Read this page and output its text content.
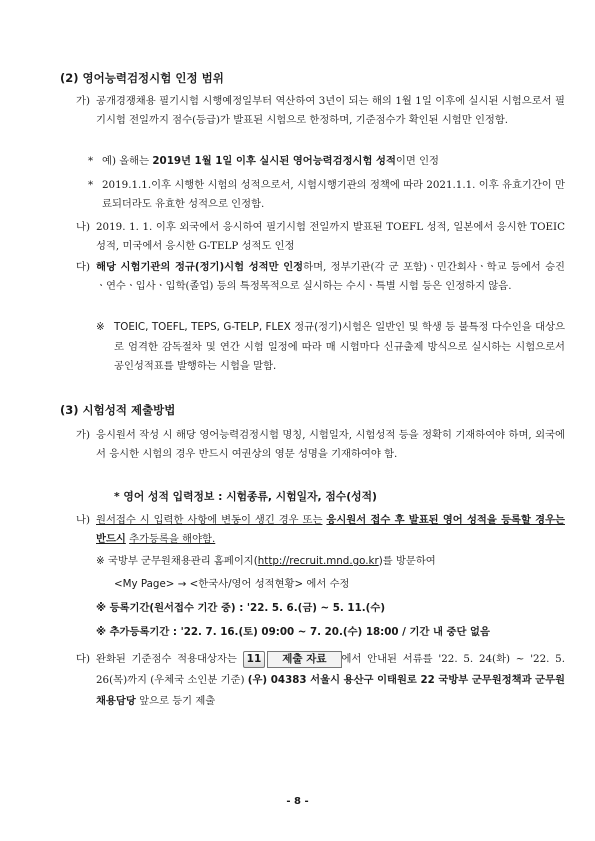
(2) 영어능력검정시험 인정 범위
가) 공개경쟁채용 필기시험 시행예정일부터 역산하여 3년이 되는 해의 1월 1일 이후에 실시된 시험으로서 필기시험 전일까지 점수(등급)가 발표된 시험으로 한정하며, 기준점수가 확인된 시험만 인정함.
* 예) 올해는 2019년 1월 1일 이후 실시된 영어능력검정시험 성적이면 인정
* 2019.1.1.이후 시행한 시험의 성적으로서, 시험시행기관의 정책에 따라 2021.1.1. 이후 유효기간이 만료되더라도 유효한 성적으로 인정함.
나) 2019. 1. 1. 이후 외국에서 응시하여 필기시험 전일까지 발표된 TOEFL 성적, 일본에서 응시한 TOEIC 성적, 미국에서 응시한 G-TELP 성적도 인정
다) 해당 시험기관의 정규(정기)시험 성적만 인정하며, 정부기관(각 군 포함)ㆍ민간회사ㆍ학교 등에서 승진ㆍ연수ㆍ입사ㆍ입학(졸업) 등의 특정목적으로 실시하는 수시ㆍ특별 시험 등은 인정하지 않음.
※ TOEIC, TOEFL, TEPS, G-TELP, FLEX 정규(정기)시험은 일반인 및 학생 등 불특정 다수인을 대상으로 엄격한 감독절차 및 연간 시험 일정에 따라 매 시험마다 신규출제 방식으로 실시하는 시험으로서 공인성적표를 발행하는 시험을 말함.
(3) 시험성적 제출방법
가) 응시원서 작성 시 해당 영어능력검정시험 명칭, 시험일자, 시험성적 등을 정확히 기재하여야 하며, 외국에서 응시한 시험의 경우 반드시 여권상의 영문 성명을 기재하여야 함.
* 영어 성적 입력정보 : 시험종류, 시험일자, 점수(성적)
나) 원서접수 시 입력한 사항에 변동이 생긴 경우 또는 응시원서 접수 후 발표된 영어 성적을 등록할 경우는 반드시 추가등록을 해야함.
※ 국방부 군무원채용관리 홈페이지(http://recruit.mnd.go.kr)를 방문하여
<My Page> → <한국사/영어 성적현황> 에서 수정
※ 등록기간(원서접수 기간 중) : '22. 5. 6.(금) ~ 5. 11.(수)
※ 추가등록기간 : '22. 7. 16.(토) 09:00 ~ 7. 20.(수) 18:00 / 기간 내 중단 없음
다) 완화된 기준점수 적용대상자는 11 제출 자료 에서 안내된 서류를 '22. 5. 24(화) ~ '22. 5. 26(목)까지 (우체국 소인분 기준) (우) 04383 서울시 용산구 이태원로 22 국방부 군무원정책과 군무원채용담당 앞으로 등기 제출
- 8 -
